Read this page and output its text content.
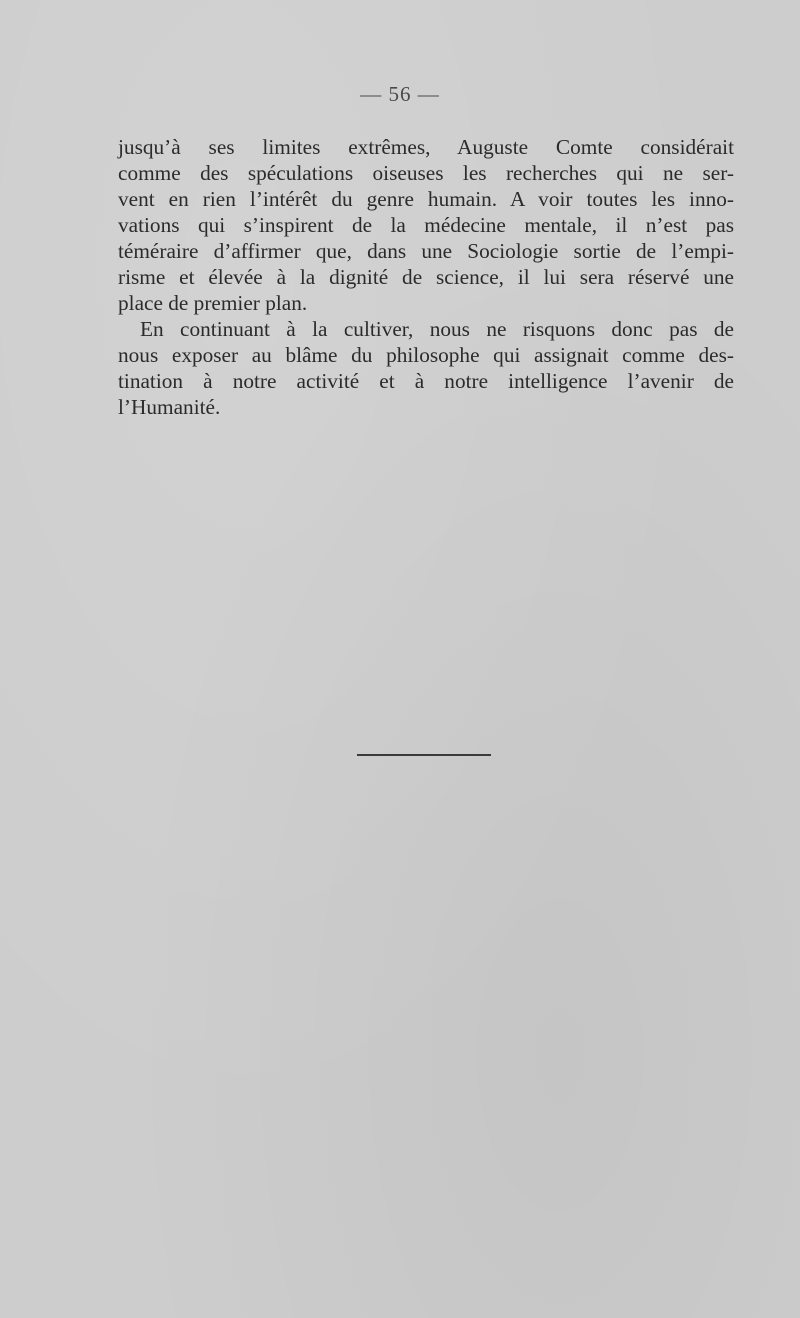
— 56 —
jusqu’à ses limites extrêmes, Auguste Comte considérait
comme des spéculations oiseuses les recherches qui ne ser-
vent en rien l’intérêt du genre humain. A voir toutes les inno-
vations qui s’inspirent de la médecine mentale, il n’est pas
téméraire d’affirmer que, dans une Sociologie sortie de l’empi-
risme et élevée à la dignité de science, il lui sera réservé une
place de premier plan.
En continuant à la cultiver, nous ne risquons donc pas de
nous exposer au blâme du philosophe qui assignait comme des-
tination à notre activité et à notre intelligence l’avenir de
l’Humanité.
